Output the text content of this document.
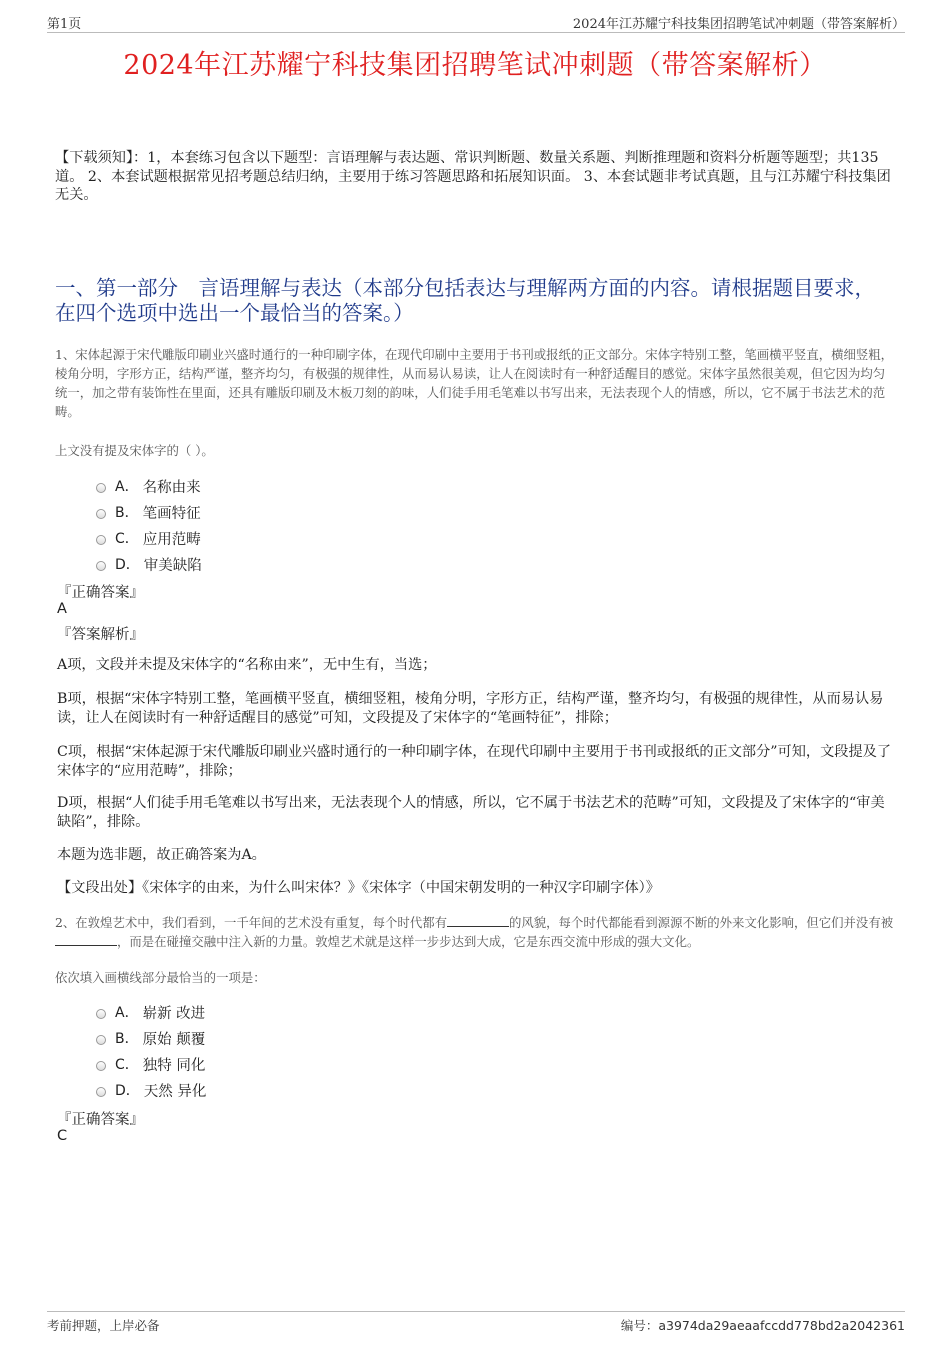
第1页	2024年江苏耀宁科技集团招聘笔试冲刺题（带答案解析）
2024年江苏耀宁科技集团招聘笔试冲刺题（带答案解析）
【下载须知】：1，本套练习包含以下题型：言语理解与表达题、常识判断题、数量关系题、判断推理题和资料分析题等题型；共135道。 2、本套试题根据常见招考题总结归纳，主要用于练习答题思路和拓展知识面。 3、本套试题非考试真题，且与江苏耀宁科技集团无关。
一、第一部分　言语理解与表达（本部分包括表达与理解两方面的内容。请根据题目要求，在四个选项中选出一个最恰当的答案。）
1、宋体起源于宋代雕版印刷业兴盛时通行的一种印刷字体，在现代印刷中主要用于书刊或报纸的正文部分。宋体字特别工整，笔画横平竖直，横细竖粗，棱角分明，字形方正，结构严谨，整齐均匀，有极强的规律性，从而易认易读，让人在阅读时有一种舒适醒目的感觉。宋体字虽然很美观，但它因为均匀统一，加之带有装饰性在里面，还具有雕版印刷及木板刀刻的韵味，人们徒手用毛笔难以书写出来，无法表现个人的情感，所以，它不属于书法艺术的范畴。
上文没有提及宋体字的（ ）。
A． 名称由来
B． 笔画特征
C． 应用范畴
D． 审美缺陷
『正确答案』
A
『答案解析』
A项，文段并未提及宋体字的“名称由来”，无中生有，当选；
B项，根据“宋体字特别工整，笔画横平竖直，横细竖粗，棱角分明，字形方正，结构严谨，整齐均匀，有极强的规律性，从而易认易读，让人在阅读时有一种舒适醒目的感觉”可知，文段提及了宋体字的“笔画特征”，排除；
C项，根据“宋体起源于宋代雕版印刷业兴盛时通行的一种印刷字体，在现代印刷中主要用于书刊或报纸的正文部分”可知，文段提及了宋体字的“应用范畴”，排除；
D项，根据“人们徒手用毛笔难以书写出来，无法表现个人的情感，所以，它不属于书法艺术的范畴”可知，文段提及了宋体字的“审美缺陷”，排除。
本题为选非题，故正确答案为A。
【文段出处】《宋体字的由来，为什么叫宋体？》《宋体字（中国宋朝发明的一种汉字印刷字体）》
2、在敦煌艺术中，我们看到，一千年间的艺术没有重复，每个时代都有	的风貌，每个时代都能看到源源不断的外来文化影响，但它们并没有被，而是在碰撞交融中注入新的力量。敦煌艺术就是这样一步步达到大成，它是东西交流中形成的强大文化。
依次填入画横线部分最恰当的一项是：
A． 崭新 改进
B． 原始 颠覆
C． 独特 同化
D． 天然 异化
『正确答案』
C
考前押题，上岸必备	编号：a3974da29aeaafccdd778bd2a2042361
